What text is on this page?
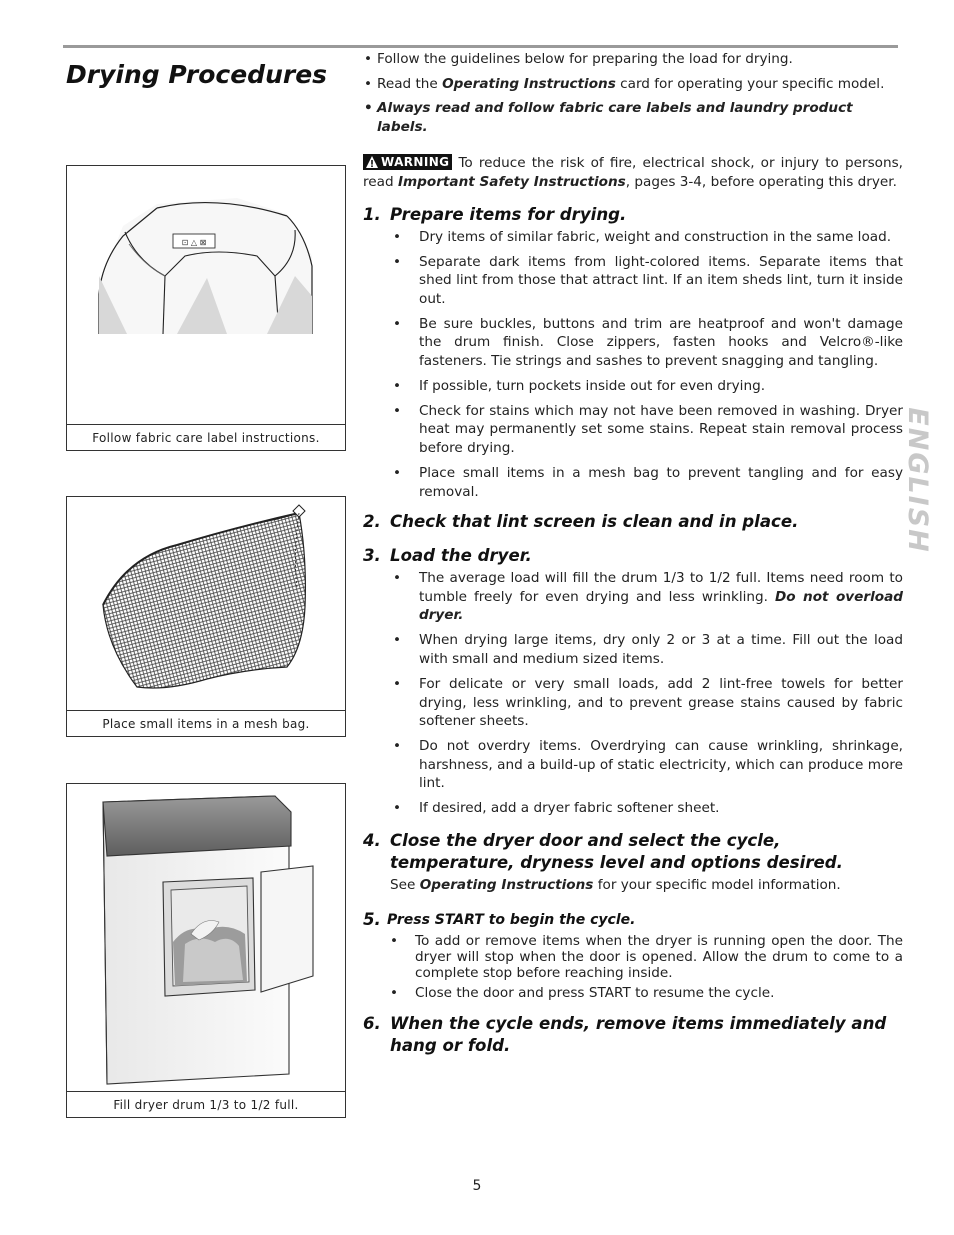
Drying Procedures
ENGLISH
⊡ △ ⊠
Follow fabric care label instructions.
Place small items in a mesh bag.
Fill dryer drum 1/3 to 1/2 full.
• Follow the guidelines below for preparing the load for drying.
• Read the Operating Instructions card for operating your specific model.
• Always read and follow fabric care labels and laundry product labels.
WARNING To reduce the risk of fire, electrical shock, or injury to persons, read Important Safety Instructions, pages 3-4, before operating this dryer.
1. Prepare items for drying.
• Dry items of similar fabric, weight and construction in the same load.
• Separate dark items from light-colored items. Separate items that shed lint from those that attract lint. If an item sheds lint, turn it inside out.
• Be sure buckles, buttons and trim are heatproof and won't damage the drum finish. Close zippers, fasten hooks and Velcro®-like fasteners. Tie strings and sashes to prevent snagging and tangling.
• If possible, turn pockets inside out for even drying.
• Check for stains which may not have been removed in washing. Dryer heat may permanently set some stains. Repeat stain removal process before drying.
• Place small items in a mesh bag to prevent tangling and for easy removal.
2. Check that lint screen is clean and in place.
3. Load the dryer.
• The average load will fill the drum 1/3 to 1/2 full. Items need room to tumble freely for even drying and less wrinkling. Do not overload dryer.
• When drying large items, dry only 2 or 3 at a time. Fill out the load with small and medium sized items.
• For delicate or very small loads, add 2 lint-free towels for better drying, less wrinkling, and to prevent grease stains caused by fabric softener sheets.
• Do not overdry items. Overdrying can cause wrinkling, shrinkage, harshness, and a build-up of static electricity, which can produce more lint.
• If desired, add a dryer fabric softener sheet.
4. Close the dryer door and select the cycle, temperature, dryness level and options desired.
See Operating Instructions for your specific model information.
5. Press START to begin the cycle.
• To add or remove items when the dryer is running open the door. The dryer will stop when the door is opened. Allow the drum to come to a complete stop before reaching inside.
• Close the door and press START to resume the cycle.
6. When the cycle ends, remove items immediately and hang or fold.
5
